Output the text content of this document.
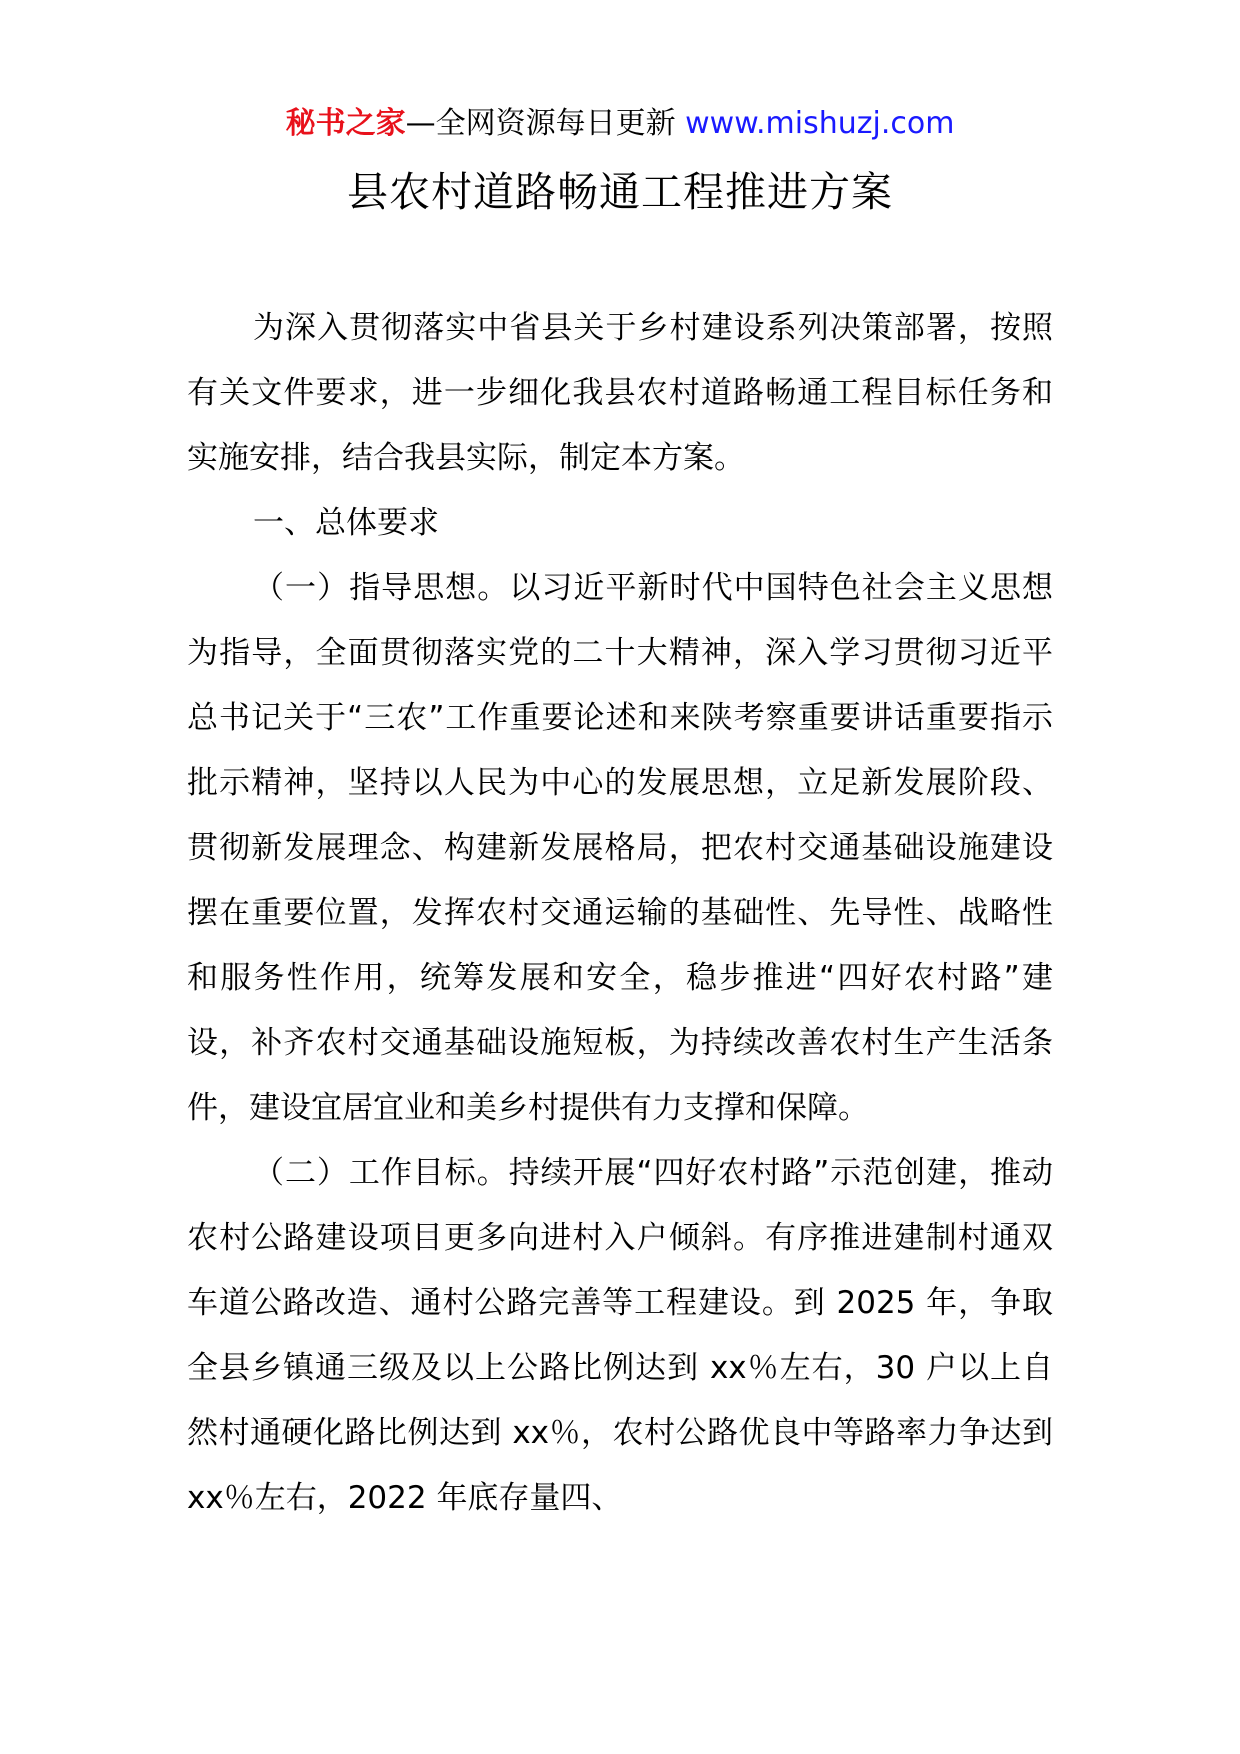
秘书之家—全网资源每日更新 www.mishuzj.com
县农村道路畅通工程推进方案

为深入贯彻落实中省县关于乡村建设系列决策部署，按照有关文件要求，进一步细化我县农村道路畅通工程目标任务和实施安排，结合我县实际，制定本方案。

一、总体要求

（一）指导思想。以习近平新时代中国特色社会主义思想为指导，全面贯彻落实党的二十大精神，深入学习贯彻习近平总书记关于“三农”工作重要论述和来陕考察重要讲话重要指示批示精神，坚持以人民为中心的发展思想，立足新发展阶段、贯彻新发展理念、构建新发展格局，把农村交通基础设施建设摆在重要位置，发挥农村交通运输的基础性、先导性、战略性和服务性作用，统筹发展和安全，稳步推进“四好农村路”建设，补齐农村交通基础设施短板，为持续改善农村生产生活条件，建设宜居宜业和美乡村提供有力支撑和保障。

（二）工作目标。持续开展“四好农村路”示范创建，推动农村公路建设项目更多向进村入户倾斜。有序推进建制村通双车道公路改造、通村公路完善等工程建设。到 2025 年，争取全县乡镇通三级及以上公路比例达到 xx％左右，30 户以上自然村通硬化路比例达到 xx％，农村公路优良中等路率力争达到 xx％左右，2022 年底存量四、
